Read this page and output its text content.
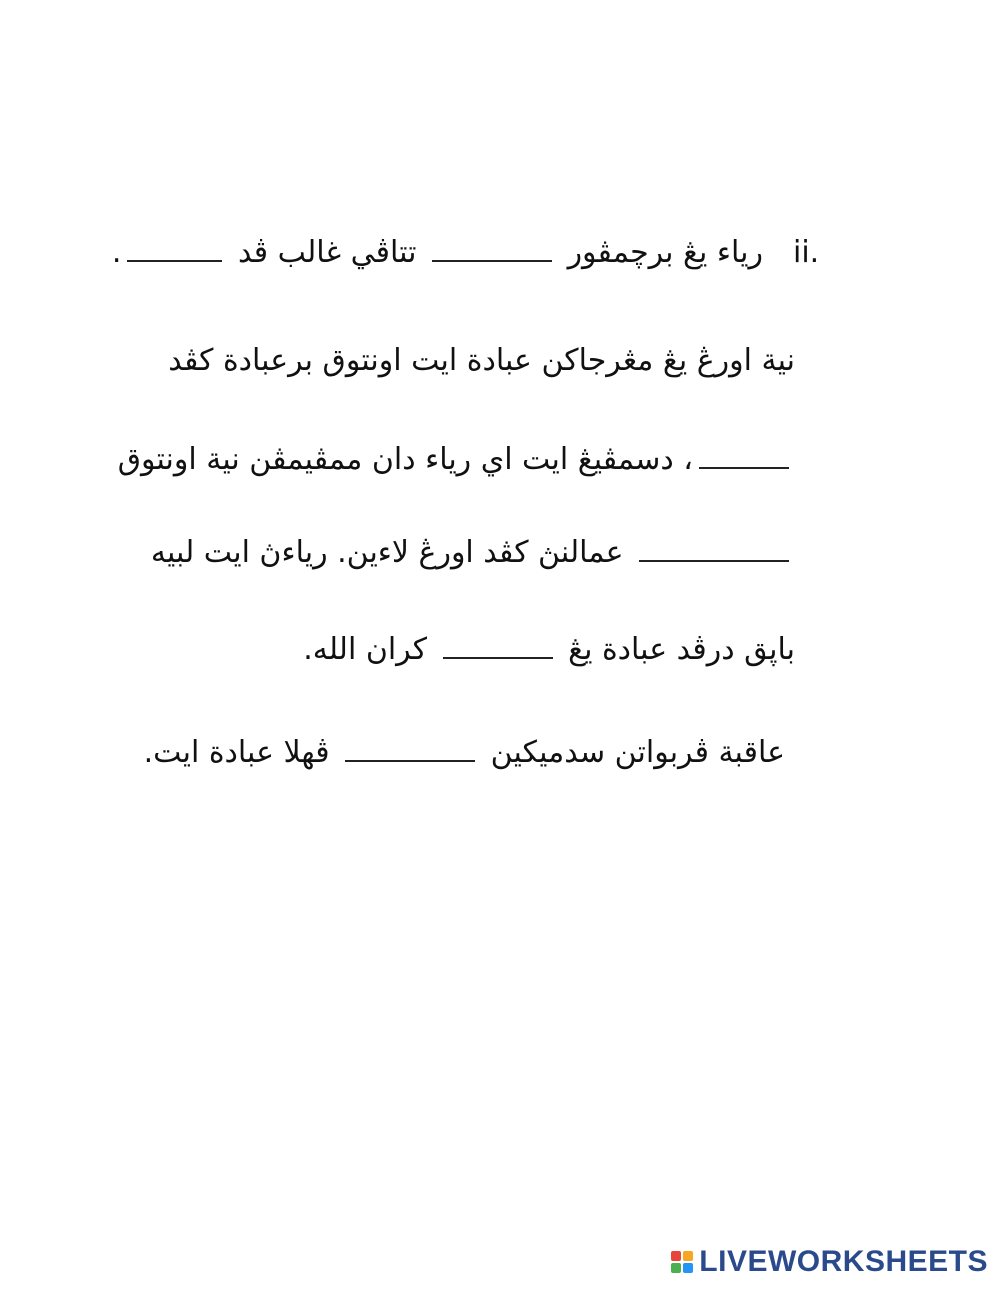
ii.
ريا‌ء يڠ برچمڤور  تتاڤي غالب ڤد .
نية اورڠ يڠ مڠرجاكن عبادة ايت اونتوق برعبادة كڤد
، دسمڤيڠ ايت اي ريا‌ء دان ممڤيمڤن نية اونتوق
عمالنڽ كڤد اورڠ لاءين. ريا‌ءڽ ايت لبيه
باڽق درڤد عبادة يڠ  كران الله.
عاقبة ڤربواتن سدميكين  ڤهلا عبادة ايت.
LIVEWORKSHEETS
